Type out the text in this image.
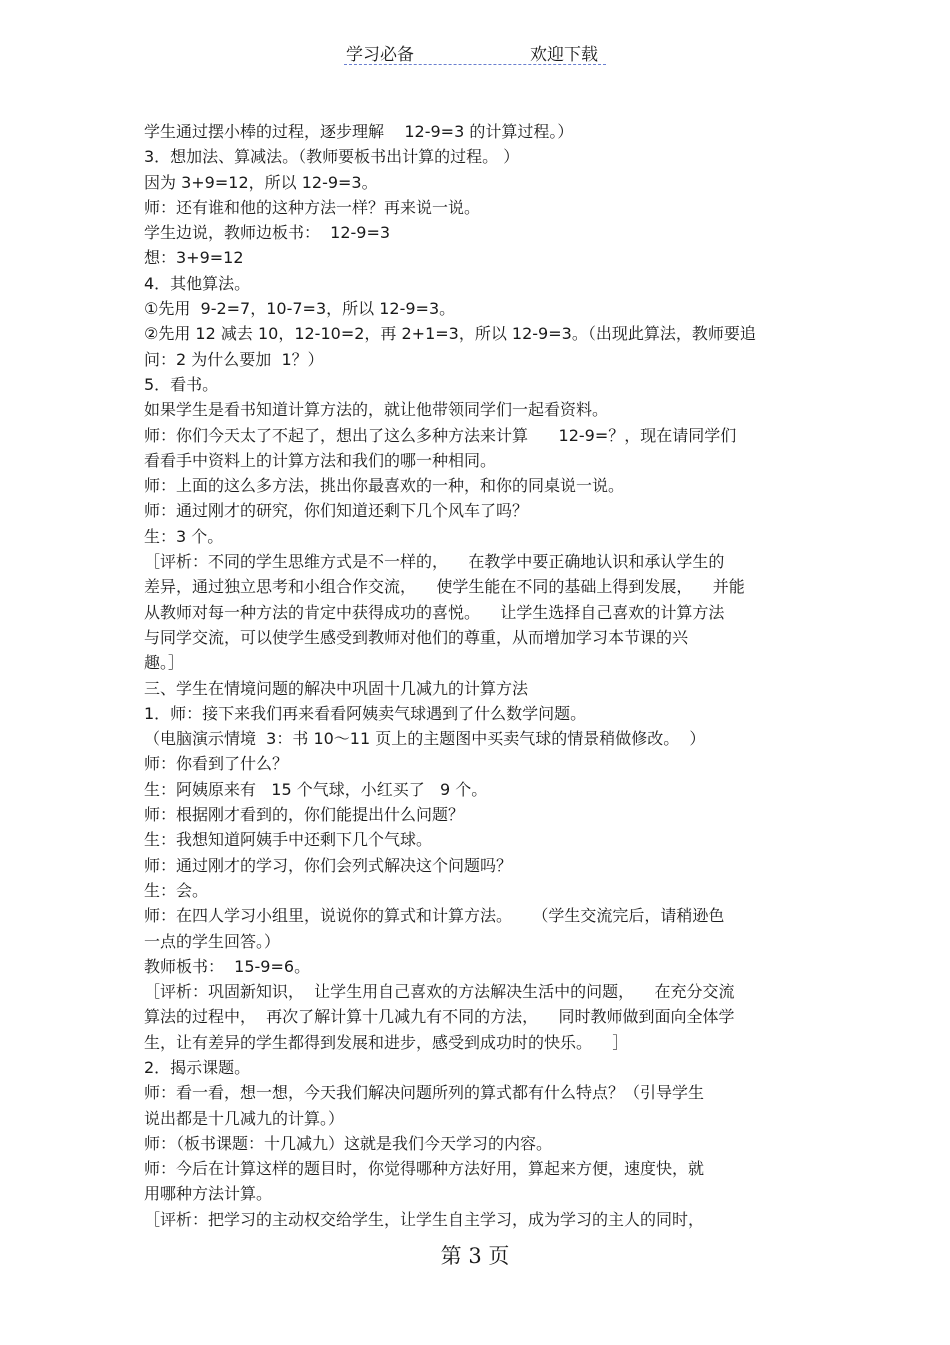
学习必备	欢迎下载
学生通过摆小棒的过程，逐步理解    12-9=3 的计算过程。）
3．想加法、算减法。（教师要板书出计算的过程。 ）
因为 3+9=12，所以 12-9=3。
师：还有谁和他的这种方法一样？再来说一说。
学生边说，教师边板书：  12-9=3
想：3+9=12
4．其他算法。
①先用  9-2=7，10-7=3，所以 12-9=3。
②先用 12 减去 10，12-10=2，再 2+1=3，所以 12-9=3。（出现此算法，教师要追
问：2 为什么要加  1？）
5．看书。
如果学生是看书知道计算方法的，就让他带领同学们一起看资料。
师：你们今天太了不起了，想出了这么多种方法来计算      12-9=？，现在请同学们
看看手中资料上的计算方法和我们的哪一种相同。
师：上面的这么多方法，挑出你最喜欢的一种，和你的同桌说一说。
师：通过刚才的研究，你们知道还剩下几个风车了吗？
生：3 个。
［评析：不同的学生思维方式是不一样的，    在教学中要正确地认识和承认学生的
差异，通过独立思考和小组合作交流，    使学生能在不同的基础上得到发展，    并能
从教师对每一种方法的肯定中获得成功的喜悦。    让学生选择自己喜欢的计算方法
与同学交流，可以使学生感受到教师对他们的尊重，从而增加学习本节课的兴
趣。］
三、学生在情境问题的解决中巩固十几减九的计算方法
1．师：接下来我们再来看看阿姨卖气球遇到了什么数学问题。
（电脑演示情境  3：书 10～11 页上的主题图中买卖气球的情景稍做修改。  ）
师：你看到了什么？
生：阿姨原来有   15 个气球，小红买了   9 个。
师：根据刚才看到的，你们能提出什么问题？
生：我想知道阿姨手中还剩下几个气球。
师：通过刚才的学习，你们会列式解决这个问题吗？
生：会。
师：在四人学习小组里，说说你的算式和计算方法。    （学生交流完后，请稍逊色
一点的学生回答。）
教师板书：  15-9=6。
［评析：巩固新知识，  让学生用自己喜欢的方法解决生活中的问题，    在充分交流
算法的过程中，  再次了解计算十几减九有不同的方法，    同时教师做到面向全体学
生，让有差异的学生都得到发展和进步，感受到成功时的快乐。    ］
2．揭示课题。
师：看一看，想一想，今天我们解决问题所列的算式都有什么特点？（引导学生
说出都是十几减九的计算。）
师：（板书课题：十几减九）这就是我们今天学习的内容。
师：今后在计算这样的题目时，你觉得哪种方法好用，算起来方便，速度快，就
用哪种方法计算。
［评析：把学习的主动权交给学生，让学生自主学习，成为学习的主人的同时，
第 3 页
